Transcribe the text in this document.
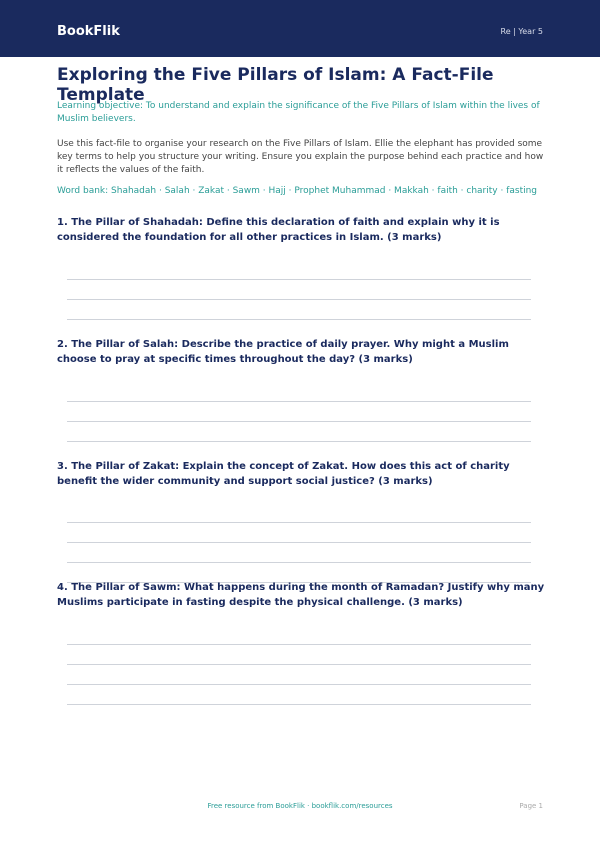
BookFlik	Re | Year 5
Exploring the Five Pillars of Islam: A Fact-File Template
Learning objective: To understand and explain the significance of the Five Pillars of Islam within the lives of Muslim believers.
Use this fact-file to organise your research on the Five Pillars of Islam. Ellie the elephant has provided some key terms to help you structure your writing. Ensure you explain the purpose behind each practice and how it reflects the values of the faith.
Word bank: Shahadah · Salah · Zakat · Sawm · Hajj · Prophet Muhammad · Makkah · faith · charity · fasting
1. The Pillar of Shahadah: Define this declaration of faith and explain why it is considered the foundation for all other practices in Islam. (3 marks)
2. The Pillar of Salah: Describe the practice of daily prayer. Why might a Muslim choose to pray at specific times throughout the day? (3 marks)
3. The Pillar of Zakat: Explain the concept of Zakat. How does this act of charity benefit the wider community and support social justice? (3 marks)
4. The Pillar of Sawm: What happens during the month of Ramadan? Justify why many Muslims participate in fasting despite the physical challenge. (3 marks)
Free resource from BookFlik · bookflik.com/resources	Page 1
